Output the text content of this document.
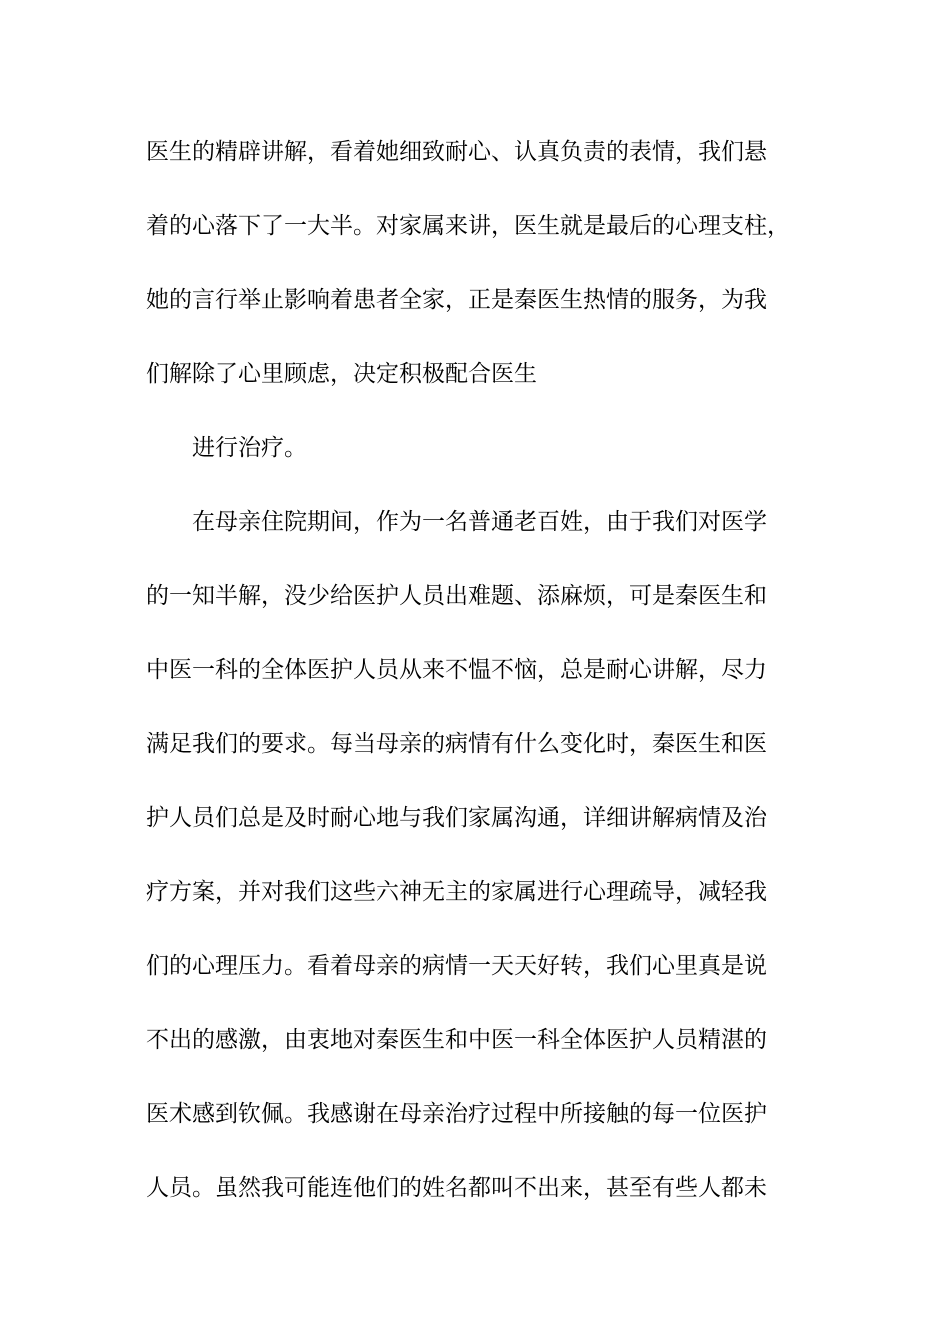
医生的精辟讲解，看着她细致耐心、认真负责的表情，我们悬
着的心落下了一大半。对家属来讲，医生就是最后的心理支柱，
她的言行举止影响着患者全家，正是秦医生热情的服务，为我
们解除了心里顾虑，决定积极配合医生
进行治疗。
在母亲住院期间，作为一名普通老百姓，由于我们对医学
的一知半解，没少给医护人员出难题、添麻烦，可是秦医生和
中医一科的全体医护人员从来不愠不恼，总是耐心讲解，尽力
满足我们的要求。每当母亲的病情有什么变化时，秦医生和医
护人员们总是及时耐心地与我们家属沟通，详细讲解病情及治
疗方案，并对我们这些六神无主的家属进行心理疏导，减轻我
们的心理压力。看着母亲的病情一天天好转，我们心里真是说
不出的感激，由衷地对秦医生和中医一科全体医护人员精湛的
医术感到钦佩。我感谢在母亲治疗过程中所接触的每一位医护
人员。虽然我可能连他们的姓名都叫不出来，甚至有些人都未
